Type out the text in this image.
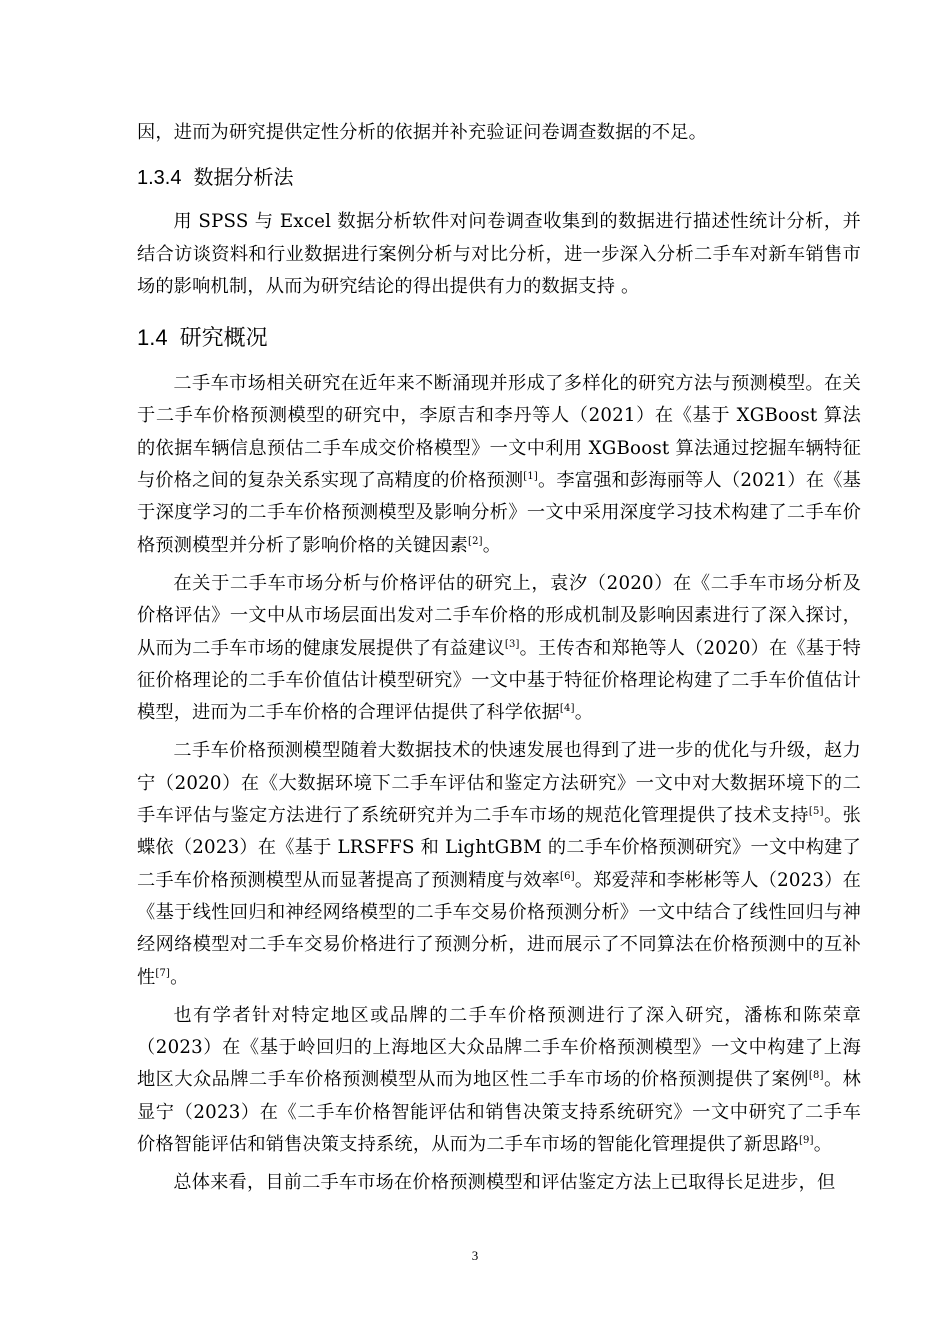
因，进而为研究提供定性分析的依据并补充验证问卷调查数据的不足。

1.3.4 数据分析法

用 SPSS 与 Excel 数据分析软件对问卷调查收集到的数据进行描述性统计分析，并结合访谈资料和行业数据进行案例分析与对比分析，进一步深入分析二手车对新车销售市场的影响机制，从而为研究结论的得出提供有力的数据支持 。

1.4 研究概况

二手车市场相关研究在近年来不断涌现并形成了多样化的研究方法与预测模型。在关于二手车价格预测模型的研究中，李原吉和李丹等人（2021）在《基于 XGBoost 算法的依据车辆信息预估二手车成交价格模型》一文中利用 XGBoost 算法通过挖掘车辆特征与价格之间的复杂关系实现了高精度的价格预测[1]。李富强和彭海丽等人（2021）在《基于深度学习的二手车价格预测模型及影响分析》一文中采用深度学习技术构建了二手车价格预测模型并分析了影响价格的关键因素[2]。

在关于二手车市场分析与价格评估的研究上，袁汐（2020）在《二手车市场分析及价格评估》一文中从市场层面出发对二手车价格的形成机制及影响因素进行了深入探讨，从而为二手车市场的健康发展提供了有益建议[3]。王传杏和郑艳等人（2020）在《基于特征价格理论的二手车价值估计模型研究》一文中基于特征价格理论构建了二手车价值估计模型，进而为二手车价格的合理评估提供了科学依据[4]。

二手车价格预测模型随着大数据技术的快速发展也得到了进一步的优化与升级，赵力宁（2020）在《大数据环境下二手车评估和鉴定方法研究》一文中对大数据环境下的二手车评估与鉴定方法进行了系统研究并为二手车市场的规范化管理提供了技术支持[5]。张蝶依（2023）在《基于 LRSFFS 和 LightGBM 的二手车价格预测研究》一文中构建了二手车价格预测模型从而显著提高了预测精度与效率[6]。郑爱萍和李彬彬等人（2023）在《基于线性回归和神经网络模型的二手车交易价格预测分析》一文中结合了线性回归与神经网络模型对二手车交易价格进行了预测分析，进而展示了不同算法在价格预测中的互补性[7]。

也有学者针对特定地区或品牌的二手车价格预测进行了深入研究，潘栋和陈荣章（2023）在《基于岭回归的上海地区大众品牌二手车价格预测模型》一文中构建了上海地区大众品牌二手车价格预测模型从而为地区性二手车市场的价格预测提供了案例[8]。林显宁（2023）在《二手车价格智能评估和销售决策支持系统研究》一文中研究了二手车价格智能评估和销售决策支持系统，从而为二手车市场的智能化管理提供了新思路[9]。

总体来看，目前二手车市场在价格预测模型和评估鉴定方法上已取得长足进步，但

3
